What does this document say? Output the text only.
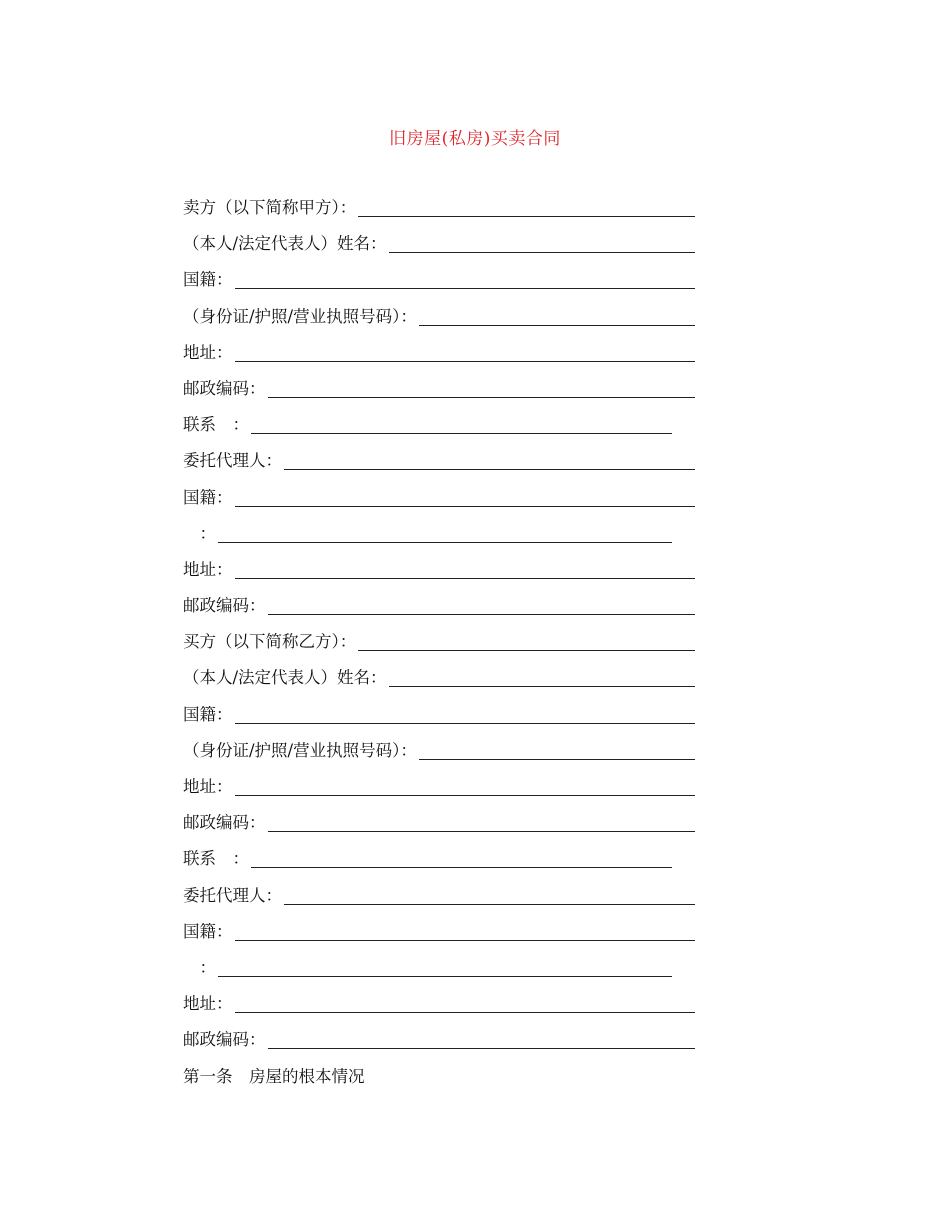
旧房屋(私房)买卖合同
卖方（以下简称甲方）：
（本人/法定代表人）姓名：
国籍：
（身份证/护照/营业执照号码）：
地址：
邮政编码：
联系　：
委托代理人：
国籍：
　：
地址：
邮政编码：
买方（以下简称乙方）：
（本人/法定代表人）姓名：
国籍：
（身份证/护照/营业执照号码）：
地址：
邮政编码：
联系　：
委托代理人：
国籍：
　：
地址：
邮政编码：
第一条　房屋的根本情况
